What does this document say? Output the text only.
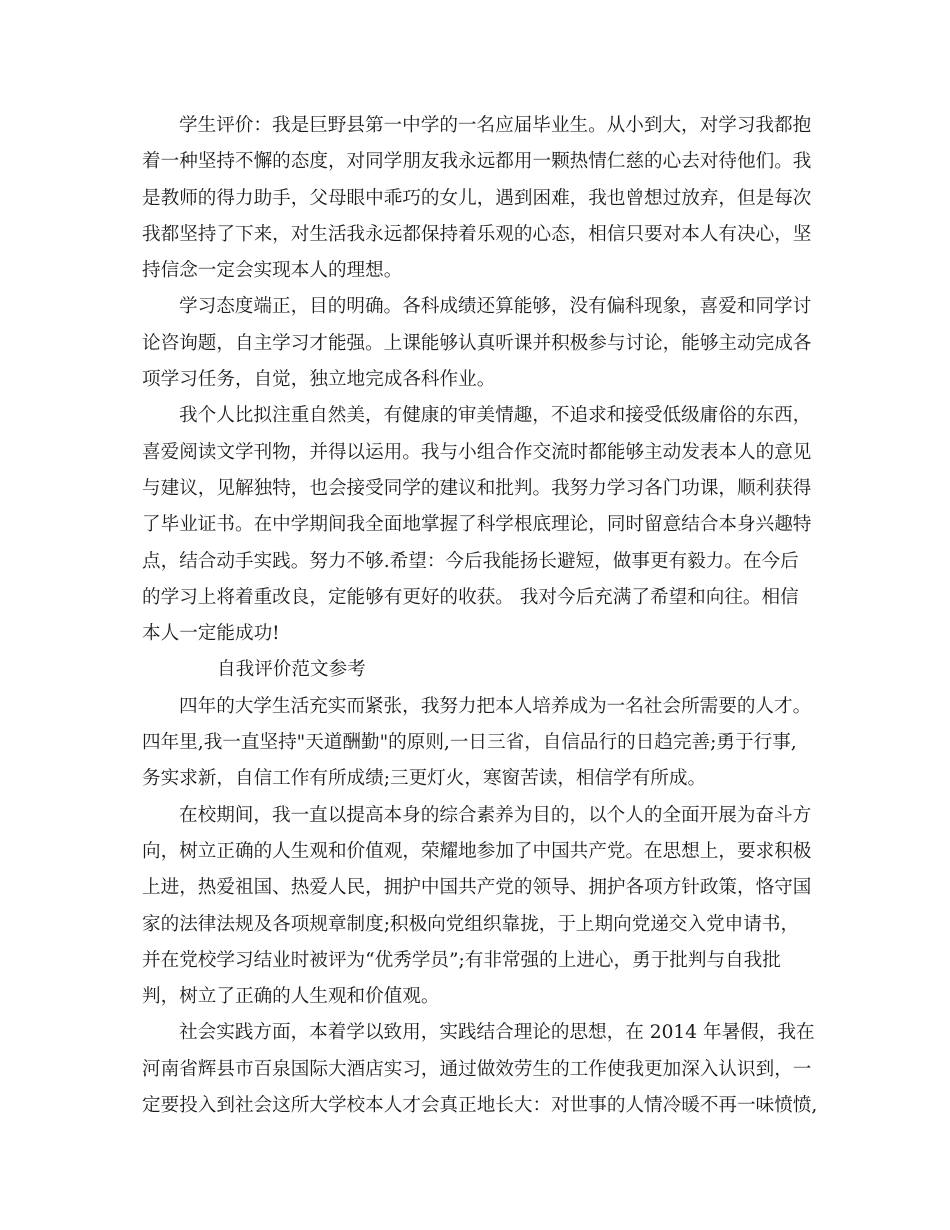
学生评价：我是巨野县第一中学的一名应届毕业生。从小到大，对学习我都抱
着一种坚持不懈的态度，对同学朋友我永远都用一颗热情仁慈的心去对待他们。我
是教师的得力助手，父母眼中乖巧的女儿，遇到困难，我也曾想过放弃，但是每次
我都坚持了下来，对生活我永远都保持着乐观的心态，相信只要对本人有决心，坚
持信念一定会实现本人的理想。
学习态度端正，目的明确。各科成绩还算能够，没有偏科现象，喜爱和同学讨
论咨询题，自主学习才能强。上课能够认真听课并积极参与讨论，能够主动完成各
项学习任务，自觉，独立地完成各科作业。
我个人比拟注重自然美，有健康的审美情趣，不追求和接受低级庸俗的东西，
喜爱阅读文学刊物，并得以运用。我与小组合作交流时都能够主动发表本人的意见
与建议，见解独特，也会接受同学的建议和批判。我努力学习各门功课，顺利获得
了毕业证书。在中学期间我全面地掌握了科学根底理论，同时留意结合本身兴趣特
点，结合动手实践。努力不够.希望：今后我能扬长避短，做事更有毅力。在今后
的学习上将着重改良，定能够有更好的收获。 我对今后充满了希望和向往。相信
本人一定能成功!
自我评价范文参考
四年的大学生活充实而紧张，我努力把本人培养成为一名社会所需要的人才。
四年里,我一直坚持"天道酬勤"的原则,一日三省，自信品行的日趋完善;勇于行事,
务实求新，自信工作有所成绩;三更灯火，寒窗苦读，相信学有所成。
在校期间，我一直以提高本身的综合素养为目的，以个人的全面开展为奋斗方
向，树立正确的人生观和价值观，荣耀地参加了中国共产党。在思想上，要求积极
上进，热爱祖国、热爱人民，拥护中国共产党的领导、拥护各项方针政策，恪守国
家的法律法规及各项规章制度;积极向党组织靠拢，于上期向党递交入党申请书，
并在党校学习结业时被评为“优秀学员”;有非常强的上进心，勇于批判与自我批
判，树立了正确的人生观和价值观。
社会实践方面，本着学以致用，实践结合理论的思想，在 2014 年暑假，我在
河南省辉县市百泉国际大酒店实习，通过做效劳生的工作使我更加深入认识到，一
定要投入到社会这所大学校本人才会真正地长大：对世事的人情冷暖不再一味愤愤,
